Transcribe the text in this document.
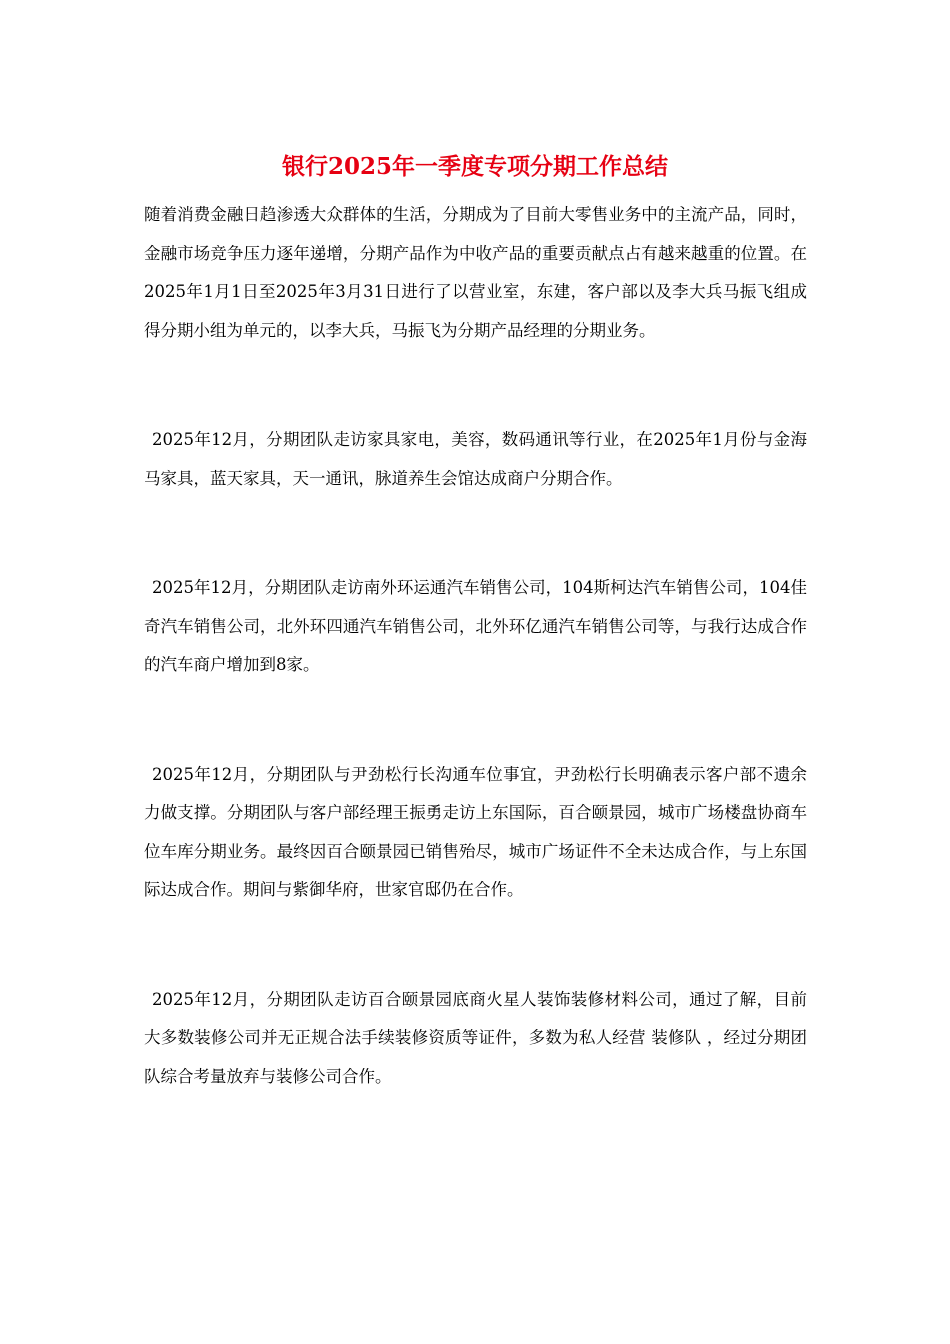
银行2025年一季度专项分期工作总结

随着消费金融日趋渗透大众群体的生活，分期成为了目前大零售业务中的主流产品，同时，金融市场竞争压力逐年递增，分期产品作为中收产品的重要贡献点占有越来越重的位置。在2025年1月1日至2025年3月31日进行了以营业室，东建，客户部以及李大兵马振飞组成得分期小组为单元的，以李大兵，马振飞为分期产品经理的分期业务。

2025年12月，分期团队走访家具家电，美容，数码通讯等行业，在2025年1月份与金海马家具，蓝天家具，天一通讯，脉道养生会馆达成商户分期合作。

2025年12月，分期团队走访南外环运通汽车销售公司，104斯柯达汽车销售公司，104佳奇汽车销售公司，北外环四通汽车销售公司，北外环亿通汽车销售公司等，与我行达成合作的汽车商户增加到8家。

2025年12月，分期团队与尹劲松行长沟通车位事宜，尹劲松行长明确表示客户部不遗余力做支撑。分期团队与客户部经理王振勇走访上东国际，百合颐景园，城市广场楼盘协商车位车库分期业务。最终因百合颐景园已销售殆尽，城市广场证件不全未达成合作，与上东国际达成合作。期间与紫御华府，世家官邸仍在合作。

2025年12月，分期团队走访百合颐景园底商火星人装饰装修材料公司，通过了解，目前大多数装修公司并无正规合法手续装修资质等证件，多数为私人经营 装修队 ，经过分期团队综合考量放弃与装修公司合作。
